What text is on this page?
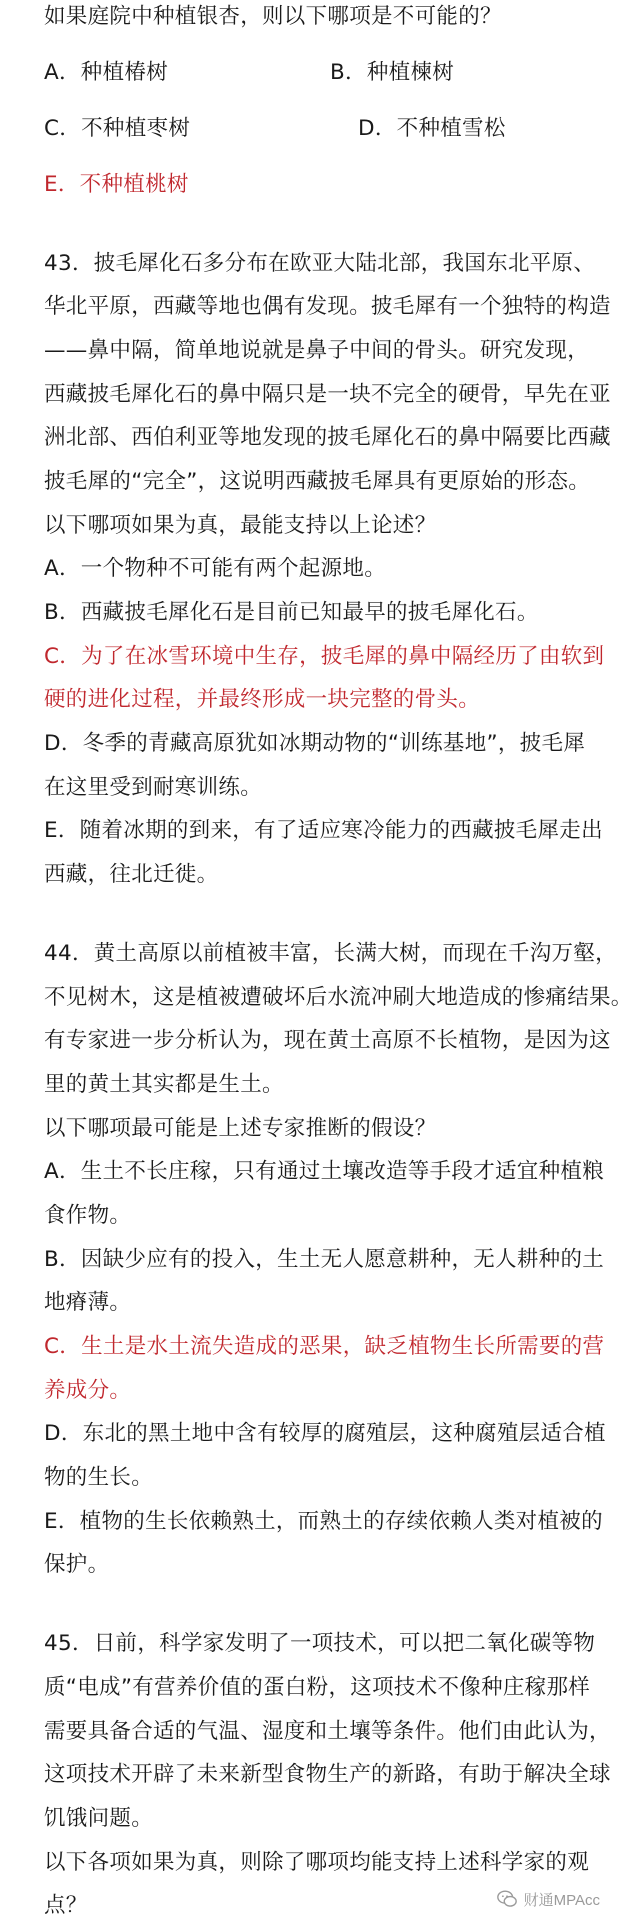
如果庭院中种植银杏，则以下哪项是不可能的？
A．种植椿树	B．种植楝树
C．不种植枣树	D．不种植雪松
E．不种植桃树
43．披毛犀化石多分布在欧亚大陆北部，我国东北平原、
华北平原，西藏等地也偶有发现。披毛犀有一个独特的构造
——鼻中隔，简单地说就是鼻子中间的骨头。研究发现，
西藏披毛犀化石的鼻中隔只是一块不完全的硬骨，早先在亚
洲北部、西伯利亚等地发现的披毛犀化石的鼻中隔要比西藏
披毛犀的“完全”，这说明西藏披毛犀具有更原始的形态。
以下哪项如果为真，最能支持以上论述？
A．一个物种不可能有两个起源地。
B．西藏披毛犀化石是目前已知最早的披毛犀化石。
C．为了在冰雪环境中生存，披毛犀的鼻中隔经历了由软到
硬的进化过程，并最终形成一块完整的骨头。
D．冬季的青藏高原犹如冰期动物的“训练基地”，披毛犀
在这里受到耐寒训练。
E．随着冰期的到来，有了适应寒冷能力的西藏披毛犀走出
西藏，往北迁徙。
44．黄土高原以前植被丰富，长满大树，而现在千沟万壑，
不见树木，这是植被遭破坏后水流冲刷大地造成的惨痛结果。
有专家进一步分析认为，现在黄土高原不长植物，是因为这
里的黄土其实都是生土。
以下哪项最可能是上述专家推断的假设？
A．生土不长庄稼，只有通过土壤改造等手段才适宜种植粮
食作物。
B．因缺少应有的投入，生土无人愿意耕种，无人耕种的土
地瘠薄。
C．生土是水土流失造成的恶果，缺乏植物生长所需要的营
养成分。
D．东北的黑土地中含有较厚的腐殖层，这种腐殖层适合植
物的生长。
E．植物的生长依赖熟土，而熟土的存续依赖人类对植被的
保护。
45．日前，科学家发明了一项技术，可以把二氧化碳等物
质“电成”有营养价值的蛋白粉，这项技术不像种庄稼那样
需要具备合适的气温、湿度和土壤等条件。他们由此认为，
这项技术开辟了未来新型食物生产的新路，有助于解决全球
饥饿问题。
以下各项如果为真，则除了哪项均能支持上述科学家的观
点？	财通MPAcc
